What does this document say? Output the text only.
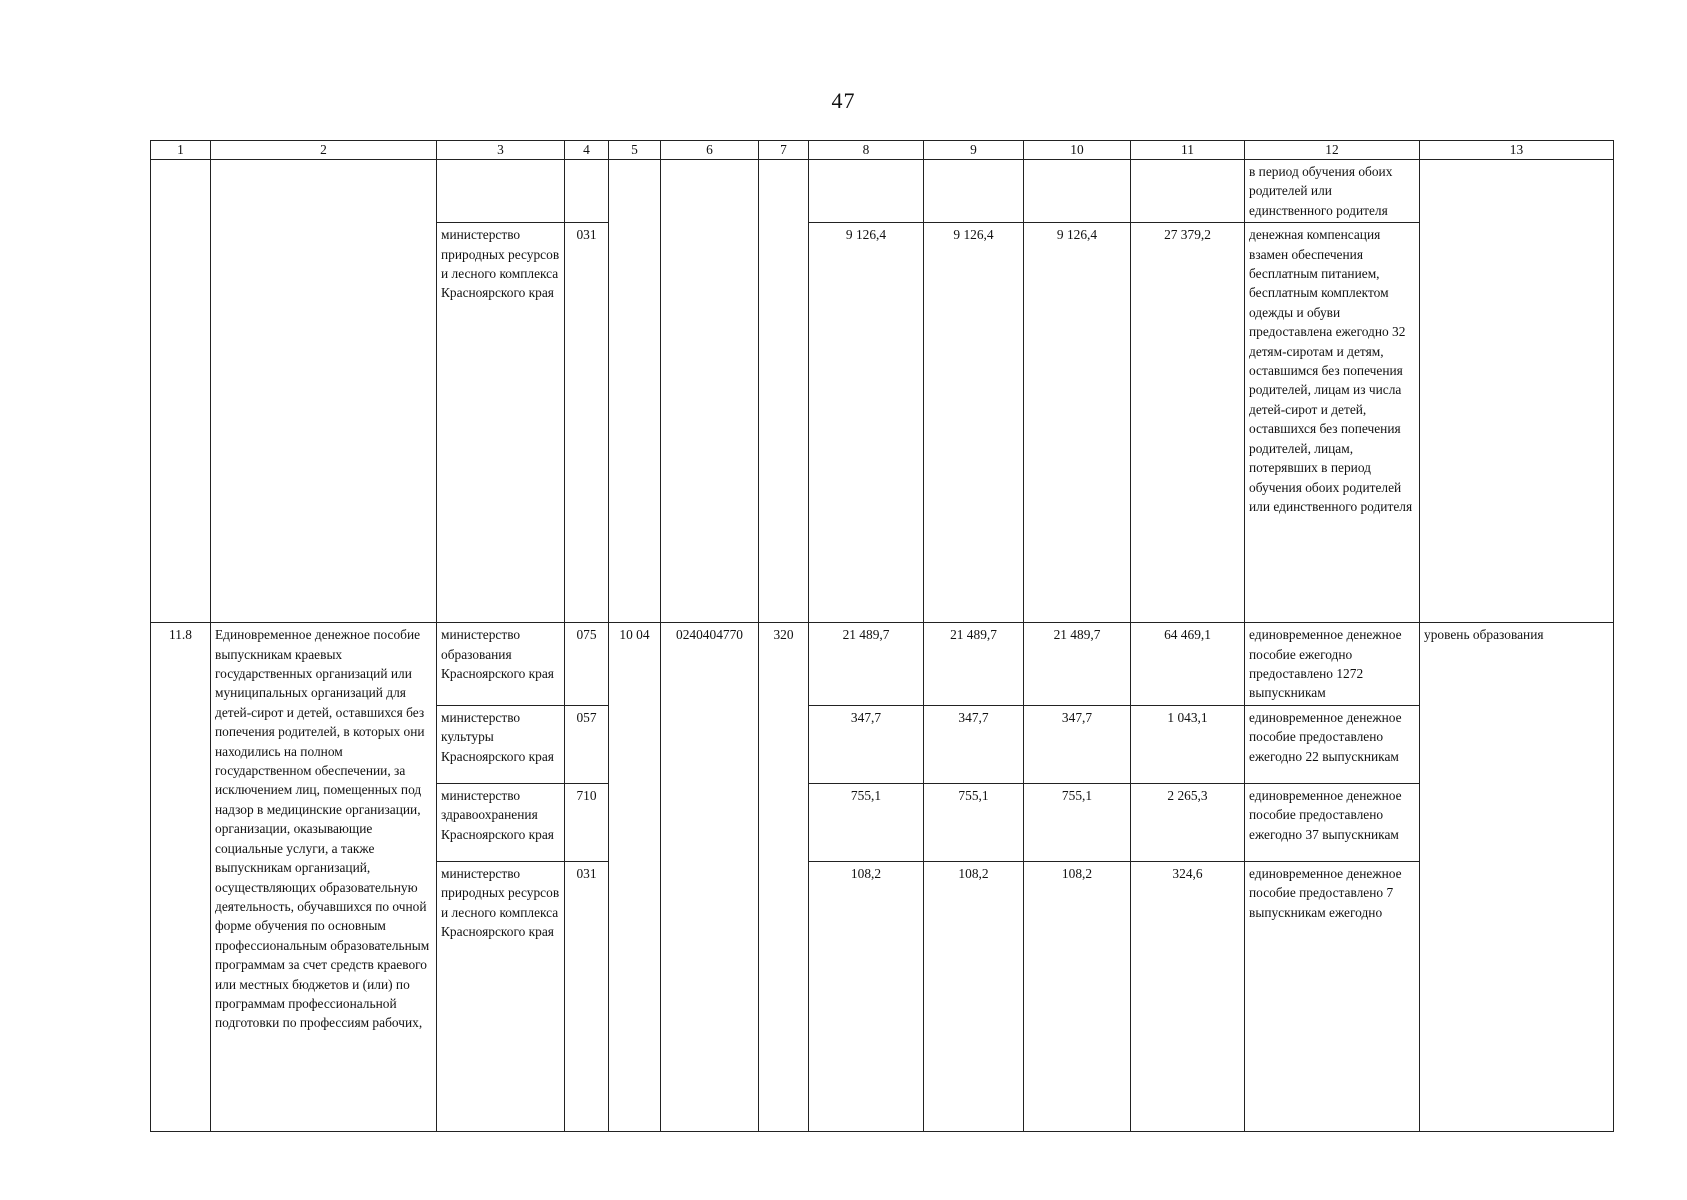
47
1	2	3	4	5	6	7	8	9	10	11	12	13
											в период обучения обоих родителей или единственного родителя	
		министерство природных ресурсов и лесного комплекса Красноярского края	031				9 126,4	9 126,4	9 126,4	27 379,2	денежная компенсация взамен обеспечения бесплатным питанием, бесплатным комплектом одежды и обуви предоставлена ежегодно 32 детям-сиротам и детям, оставшимся без попечения родителей, лицам из числа детей-сирот и детей, оставшихся без попечения родителей, лицам, потерявших в период обучения обоих родителей или единственного родителя	
11.8	Единовременное денежное пособие выпускникам краевых государственных организаций или муниципальных организаций для детей-сирот и детей, оставшихся без попечения родителей, в которых они находились на полном государственном обеспечении, за исключением лиц, помещенных под надзор в медицинские организации, организации, оказывающие социальные услуги, а также выпускникам организаций, осуществляющих образовательную деятельность, обучавшихся по очной форме обучения по основным профессиональным образовательным программам за счет средств краевого или местных бюджетов и (или) по программам профессиональной подготовки по профессиям рабочих,	министерство образования Красноярского края	075	10 04	0240404770	320	21 489,7	21 489,7	21 489,7	64 469,1	единовременное денежное пособие ежегодно предоставлено 1272 выпускникам	уровень образования
		министерство культуры Красноярского края	057				347,7	347,7	347,7	1 043,1	единовременное денежное пособие предоставлено ежегодно 22 выпускникам	
		министерство здравоохранения Красноярского края	710				755,1	755,1	755,1	2 265,3	единовременное денежное пособие предоставлено ежегодно 37 выпускникам	
		министерство природных ресурсов и лесного комплекса Красноярского края	031				108,2	108,2	108,2	324,6	единовременное денежное пособие предоставлено 7 выпускникам ежегодно	
